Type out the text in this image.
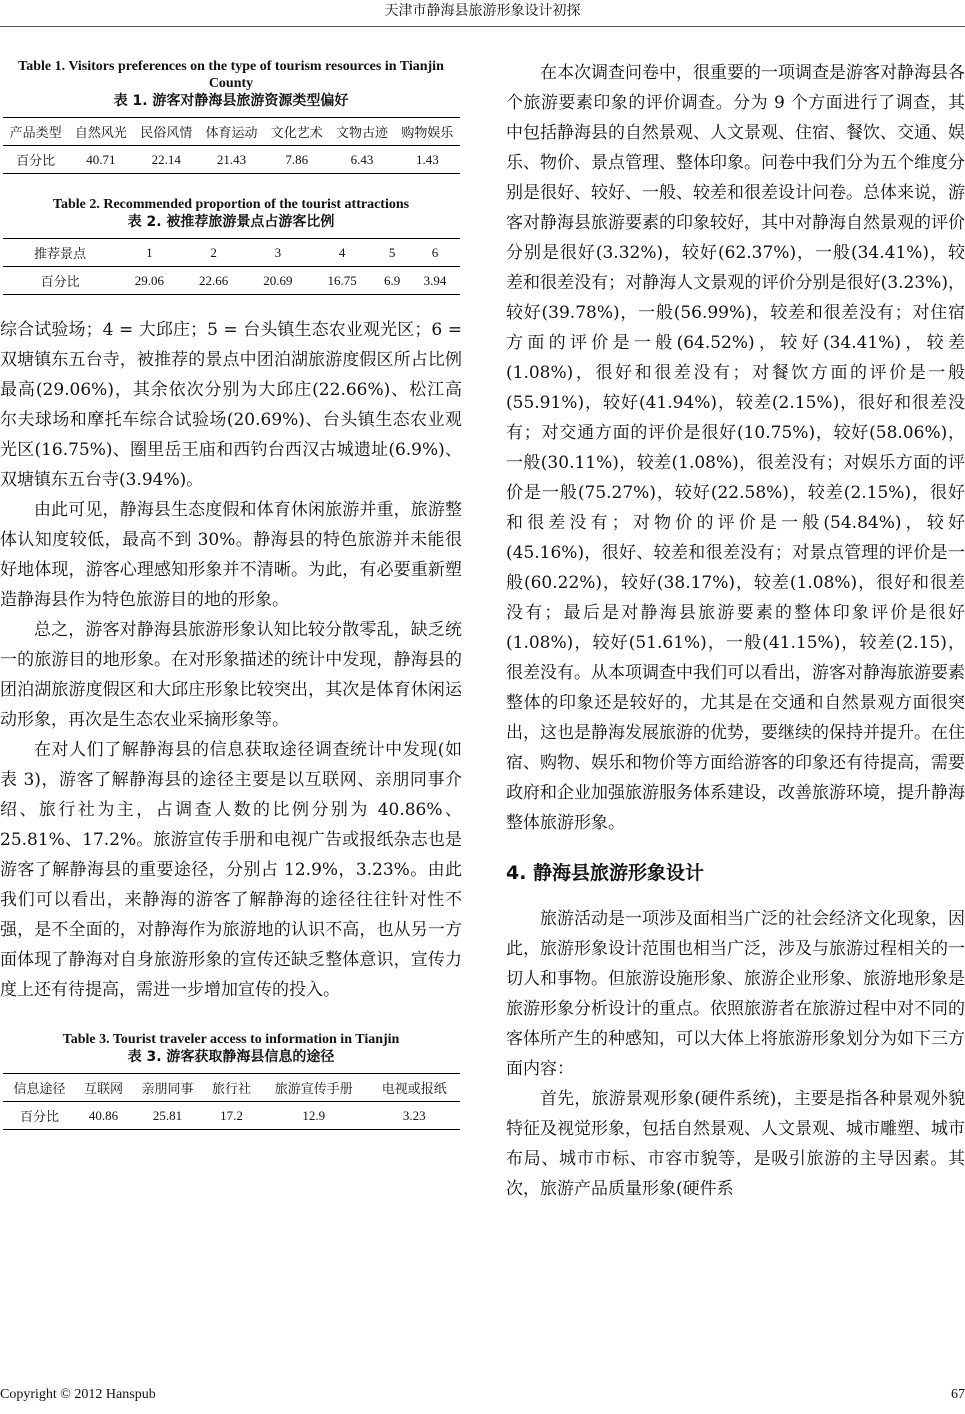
天津市静海县旅游形象设计初探
Table 1. Visitors preferences on the type of tourism resources in Tianjin County
表 1. 游客对静海县旅游资源类型偏好
产品类型	自然风光	民俗风情	体育运动	文化艺术	文物古迹	购物娱乐
百分比	40.71	22.14	21.43	7.86	6.43	1.43
Table 2. Recommended proportion of the tourist attractions
表 2. 被推荐旅游景点占游客比例
推荐景点	1	2	3	4	5	6
百分比	29.06	22.66	20.69	16.75	6.9	3.94

综合试验场；4 = 大邱庄；5 = 台头镇生态农业观光区；6 = 双塘镇东五台寺，被推荐的景点中团泊湖旅游度假区所占比例最高(29.06%)，其余依次分别为大邱庄(22.66%)、松江高尔夫球场和摩托车综合试验场(20.69%)、台头镇生态农业观光区(16.75%)、圈里岳王庙和西钓台西汉古城遗址(6.9%)、双塘镇东五台寺(3.94%)。

由此可见，静海县生态度假和体育休闲旅游并重，旅游整体认知度较低，最高不到 30%。静海县的特色旅游并未能很好地体现，游客心理感知形象并不清晰。为此，有必要重新塑造静海县作为特色旅游目的地的形象。

总之，游客对静海县旅游形象认知比较分散零乱，缺乏统一的旅游目的地形象。在对形象描述的统计中发现，静海县的团泊湖旅游度假区和大邱庄形象比较突出，其次是体育休闲运动形象，再次是生态农业采摘形象等。

在对人们了解静海县的信息获取途径调查统计中发现(如表 3)，游客了解静海县的途径主要是以互联网、亲朋同事介绍、旅行社为主，占调查人数的比例分别为 40.86%、25.81%、17.2%。旅游宣传手册和电视广告或报纸杂志也是游客了解静海县的重要途径，分别占 12.9%，3.23%。由此我们可以看出，来静海的游客了解静海的途径往往针对性不强，是不全面的，对静海作为旅游地的认识不高，也从另一方面体现了静海对自身旅游形象的宣传还缺乏整体意识，宣传力度上还有待提高，需进一步增加宣传的投入。

Table 3. Tourist traveler access to information in Tianjin
表 3. 游客获取静海县信息的途径
信息途径	互联网	亲朋同事	旅行社	旅游宣传手册	电视或报纸
百分比	40.86	25.81	17.2	12.9	3.23

在本次调查问卷中，很重要的一项调查是游客对静海县各个旅游要素印象的评价调查。分为 9 个方面进行了调查，其中包括静海县的自然景观、人文景观、住宿、餐饮、交通、娱乐、物价、景点管理、整体印象。问卷中我们分为五个维度分别是很好、较好、一般、较差和很差设计问卷。总体来说，游客对静海县旅游要素的印象较好，其中对静海自然景观的评价分别是很好(3.32%)，较好(62.37%)，一般(34.41%)，较差和很差没有；对静海人文景观的评价分别是很好(3.23%)，较好(39.78%)，一般(56.99%)，较差和很差没有；对住宿方面的评价是一般(64.52%)，较好(34.41%)，较差(1.08%)，很好和很差没有；对餐饮方面的评价是一般(55.91%)，较好(41.94%)，较差(2.15%)，很好和很差没有；对交通方面的评价是很好(10.75%)，较好(58.06%)，一般(30.11%)，较差(1.08%)，很差没有；对娱乐方面的评价是一般(75.27%)，较好(22.58%)，较差(2.15%)，很好和很差没有；对物价的评价是一般(54.84%)，较好(45.16%)，很好、较差和很差没有；对景点管理的评价是一般(60.22%)，较好(38.17%)，较差(1.08%)，很好和很差没有；最后是对静海县旅游要素的整体印象评价是很好(1.08%)，较好(51.61%)，一般(41.15%)，较差(2.15)，很差没有。从本项调查中我们可以看出，游客对静海旅游要素整体的印象还是较好的，尤其是在交通和自然景观方面很突出，这也是静海发展旅游的优势，要继续的保持并提升。在住宿、购物、娱乐和物价等方面给游客的印象还有待提高，需要政府和企业加强旅游服务体系建设，改善旅游环境，提升静海整体旅游形象。

4. 静海县旅游形象设计

旅游活动是一项涉及面相当广泛的社会经济文化现象，因此，旅游形象设计范围也相当广泛，涉及与旅游过程相关的一切人和事物。但旅游设施形象、旅游企业形象、旅游地形象是旅游形象分析设计的重点。依照旅游者在旅游过程中对不同的客体所产生的种感知，可以大体上将旅游形象划分为如下三方面内容：

首先，旅游景观形象(硬件系统)，主要是指各种景观外貌特征及视觉形象，包括自然景观、人文景观、城市雕塑、城市布局、城市市标、市容市貌等，是吸引旅游的主导因素。其次，旅游产品质量形象(硬件系

Copyright © 2012 Hanspub	67
